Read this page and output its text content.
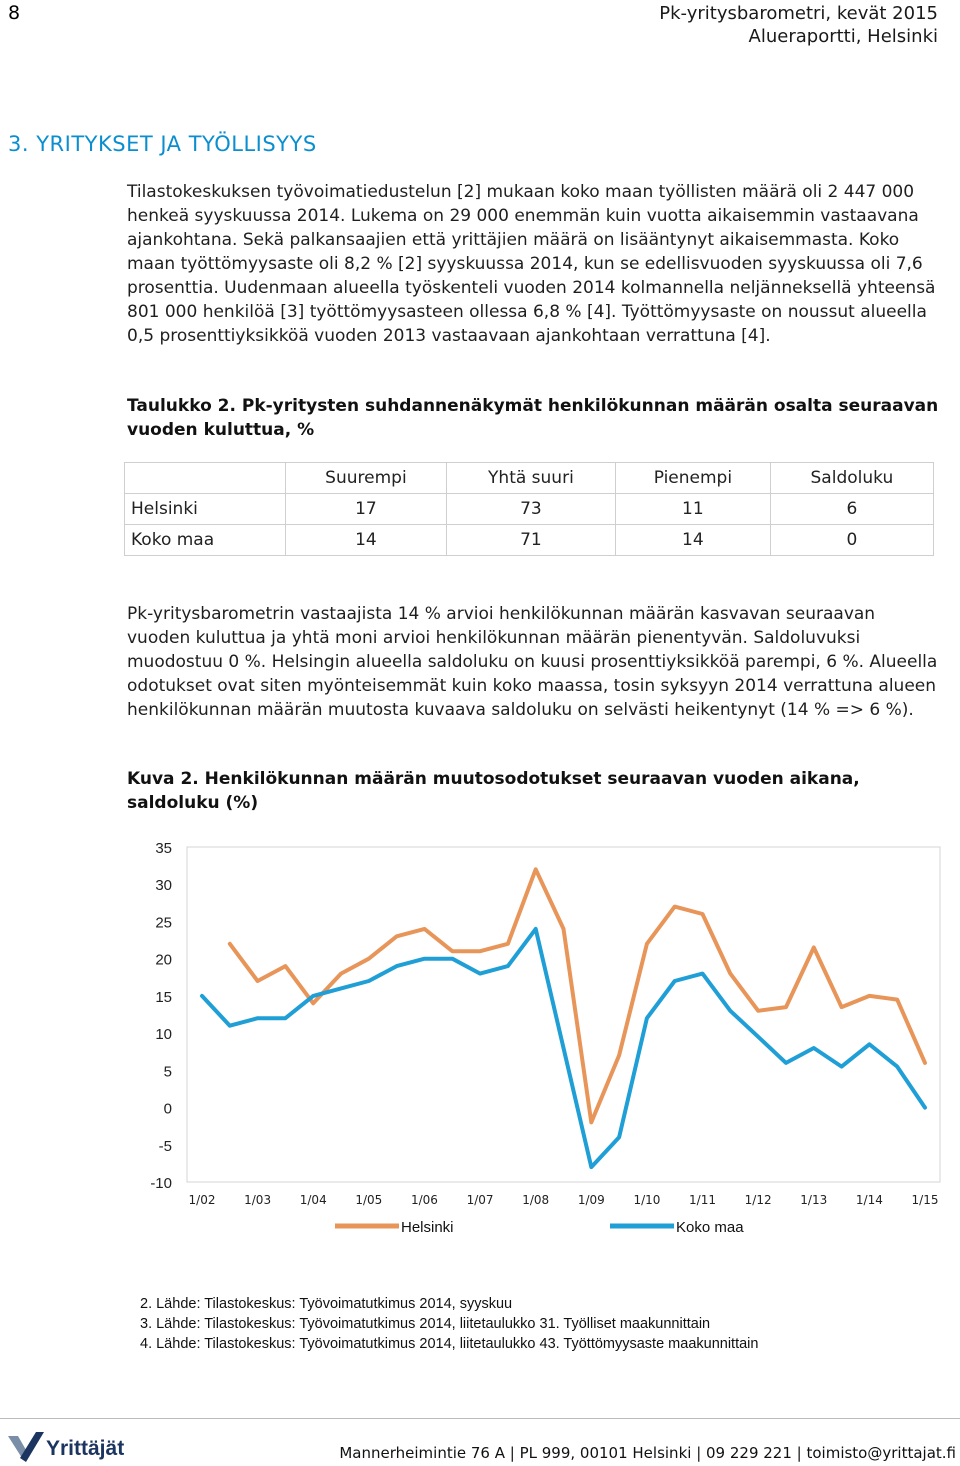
8	Pk-yritysbarometri, kevät 2015
Alueraportti, Helsinki
3. YRITYKSET JA TYÖLLISYYS

Tilastokeskuksen työvoimatiedustelun [2] mukaan koko maan työllisten määrä oli 2 447 000 henkeä syyskuussa 2014. Lukema on 29 000 enemmän kuin vuotta aikaisemmin vastaavana ajankohtana. Sekä palkansaajien että yrittäjien määrä on lisääntynyt aikaisemmasta. Koko maan työttömyysaste oli 8,2 % [2] syyskuussa 2014, kun se edellisvuoden syyskuussa oli 7,6 prosenttia. Uudenmaan alueella työskenteli vuoden 2014 kolmannella neljänneksellä yhteensä 801 000 henkilöä [3] työttömyysasteen ollessa 6,8 % [4]. Työttömyysaste on noussut alueella 0,5 prosenttiyksikköä vuoden 2013 vastaavaan ajankohtaan verrattuna [4].

Taulukko 2. Pk-yritysten suhdannenäkymät henkilökunnan määrän osalta seuraavan vuoden kuluttua, %

	Suurempi	Yhtä suuri	Pienempi	Saldoluku
Helsinki	17	73	11	6
Koko maa	14	71	14	0

Pk-yritysbarometrin vastaajista 14 % arvioi henkilökunnan määrän kasvavan seuraavan vuoden kuluttua ja yhtä moni arvioi henkilökunnan määrän pienentyvän. Saldoluvuksi muodostuu 0 %. Helsingin alueella saldoluku on kuusi prosenttiyksikköä parempi, 6 %. Alueella odotukset ovat siten myönteisemmät kuin koko maassa, tosin syksyyn 2014 verrattuna alueen henkilökunnan määrän muutosta kuvaava saldoluku on selvästi heikentynyt (14 % => 6 %).

Kuva 2. Henkilökunnan määrän muutosodotukset seuraavan vuoden aikana, saldoluku (%)

35
30
25
20
15
10
5
0
-5
-10
1/02 1/03 1/04 1/05 1/06 1/07 1/08 1/09 1/10 1/11 1/12 1/13 1/14 1/15
Helsinki	Koko maa
2. Lähde: Tilastokeskus: Työvoimatutkimus 2014, syyskuu
3. Lähde: Tilastokeskus: Työvoimatutkimus 2014, liitetaulukko 31. Työlliset maakunnittain
4. Lähde: Tilastokeskus: Työvoimatutkimus 2014, liitetaulukko 43. Työttömyysaste maakunnittain
Yrittäjät	Mannerheimintie 76 A | PL 999, 00101 Helsinki | 09 229 221 | toimisto@yrittajat.fi
